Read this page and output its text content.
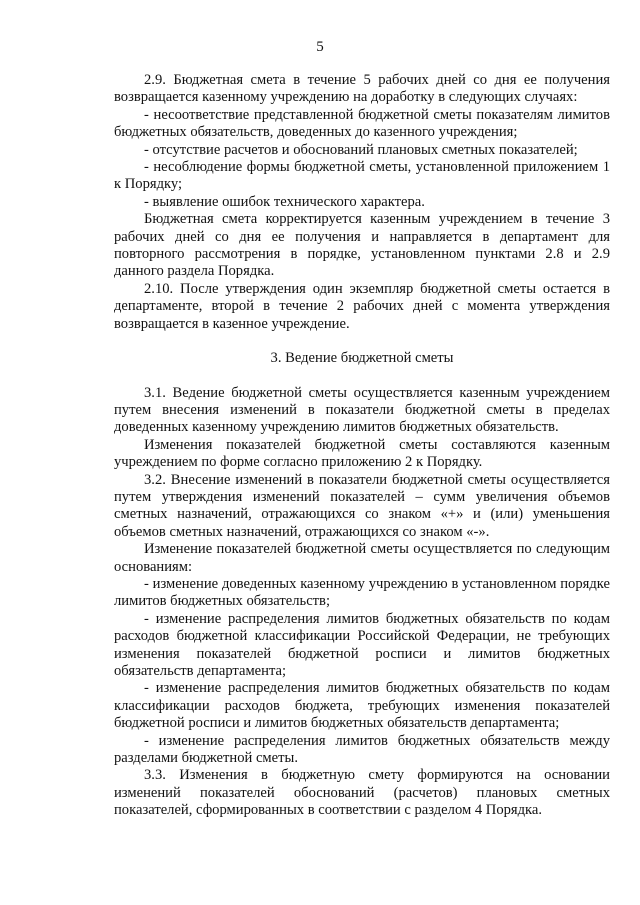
5

2.9. Бюджетная смета в течение 5 рабочих дней со дня ее получения возвращается казенному учреждению на доработку в следующих случаях:

- несоответствие представленной бюджетной сметы показателям лимитов бюджетных обязательств, доведенных до казенного учреждения;

- отсутствие расчетов и обоснований плановых сметных показателей;

- несоблюдение формы бюджетной сметы, установленной приложением 1 к Порядку;

- выявление ошибок технического характера.

Бюджетная смета корректируется казенным учреждением в течение 3 рабочих дней со дня ее получения и направляется в департамент для повторного рассмотрения в порядке, установленном пунктами 2.8 и 2.9 данного раздела Порядка.

2.10. После утверждения один экземпляр бюджетной сметы остается в департаменте, второй в течение 2 рабочих дней с момента утверждения возвращается в казенное учреждение.

3. Ведение бюджетной сметы

3.1. Ведение бюджетной сметы осуществляется казенным учреждением путем внесения изменений в показатели бюджетной сметы в пределах доведенных казенному учреждению лимитов бюджетных обязательств.

Изменения показателей бюджетной сметы составляются казенным учреждением по форме согласно приложению 2 к Порядку.

3.2. Внесение изменений в показатели бюджетной сметы осуществляется путем утверждения изменений показателей – сумм увеличения объемов сметных назначений, отражающихся со знаком «+» и (или) уменьшения объемов сметных назначений, отражающихся со знаком «-».

Изменение показателей бюджетной сметы осуществляется по следующим основаниям:

- изменение доведенных казенному учреждению в установленном порядке лимитов бюджетных обязательств;

- изменение распределения лимитов бюджетных обязательств по кодам расходов бюджетной классификации Российской Федерации, не требующих изменения показателей бюджетной росписи и лимитов бюджетных обязательств департамента;

- изменение распределения лимитов бюджетных обязательств по кодам классификации расходов бюджета, требующих изменения показателей бюджетной росписи и лимитов бюджетных обязательств департамента;

- изменение распределения лимитов бюджетных обязательств между разделами бюджетной сметы.

3.3. Изменения в бюджетную смету формируются на основании изменений показателей обоснований (расчетов) плановых сметных показателей, сформированных в соответствии с разделом 4 Порядка.
